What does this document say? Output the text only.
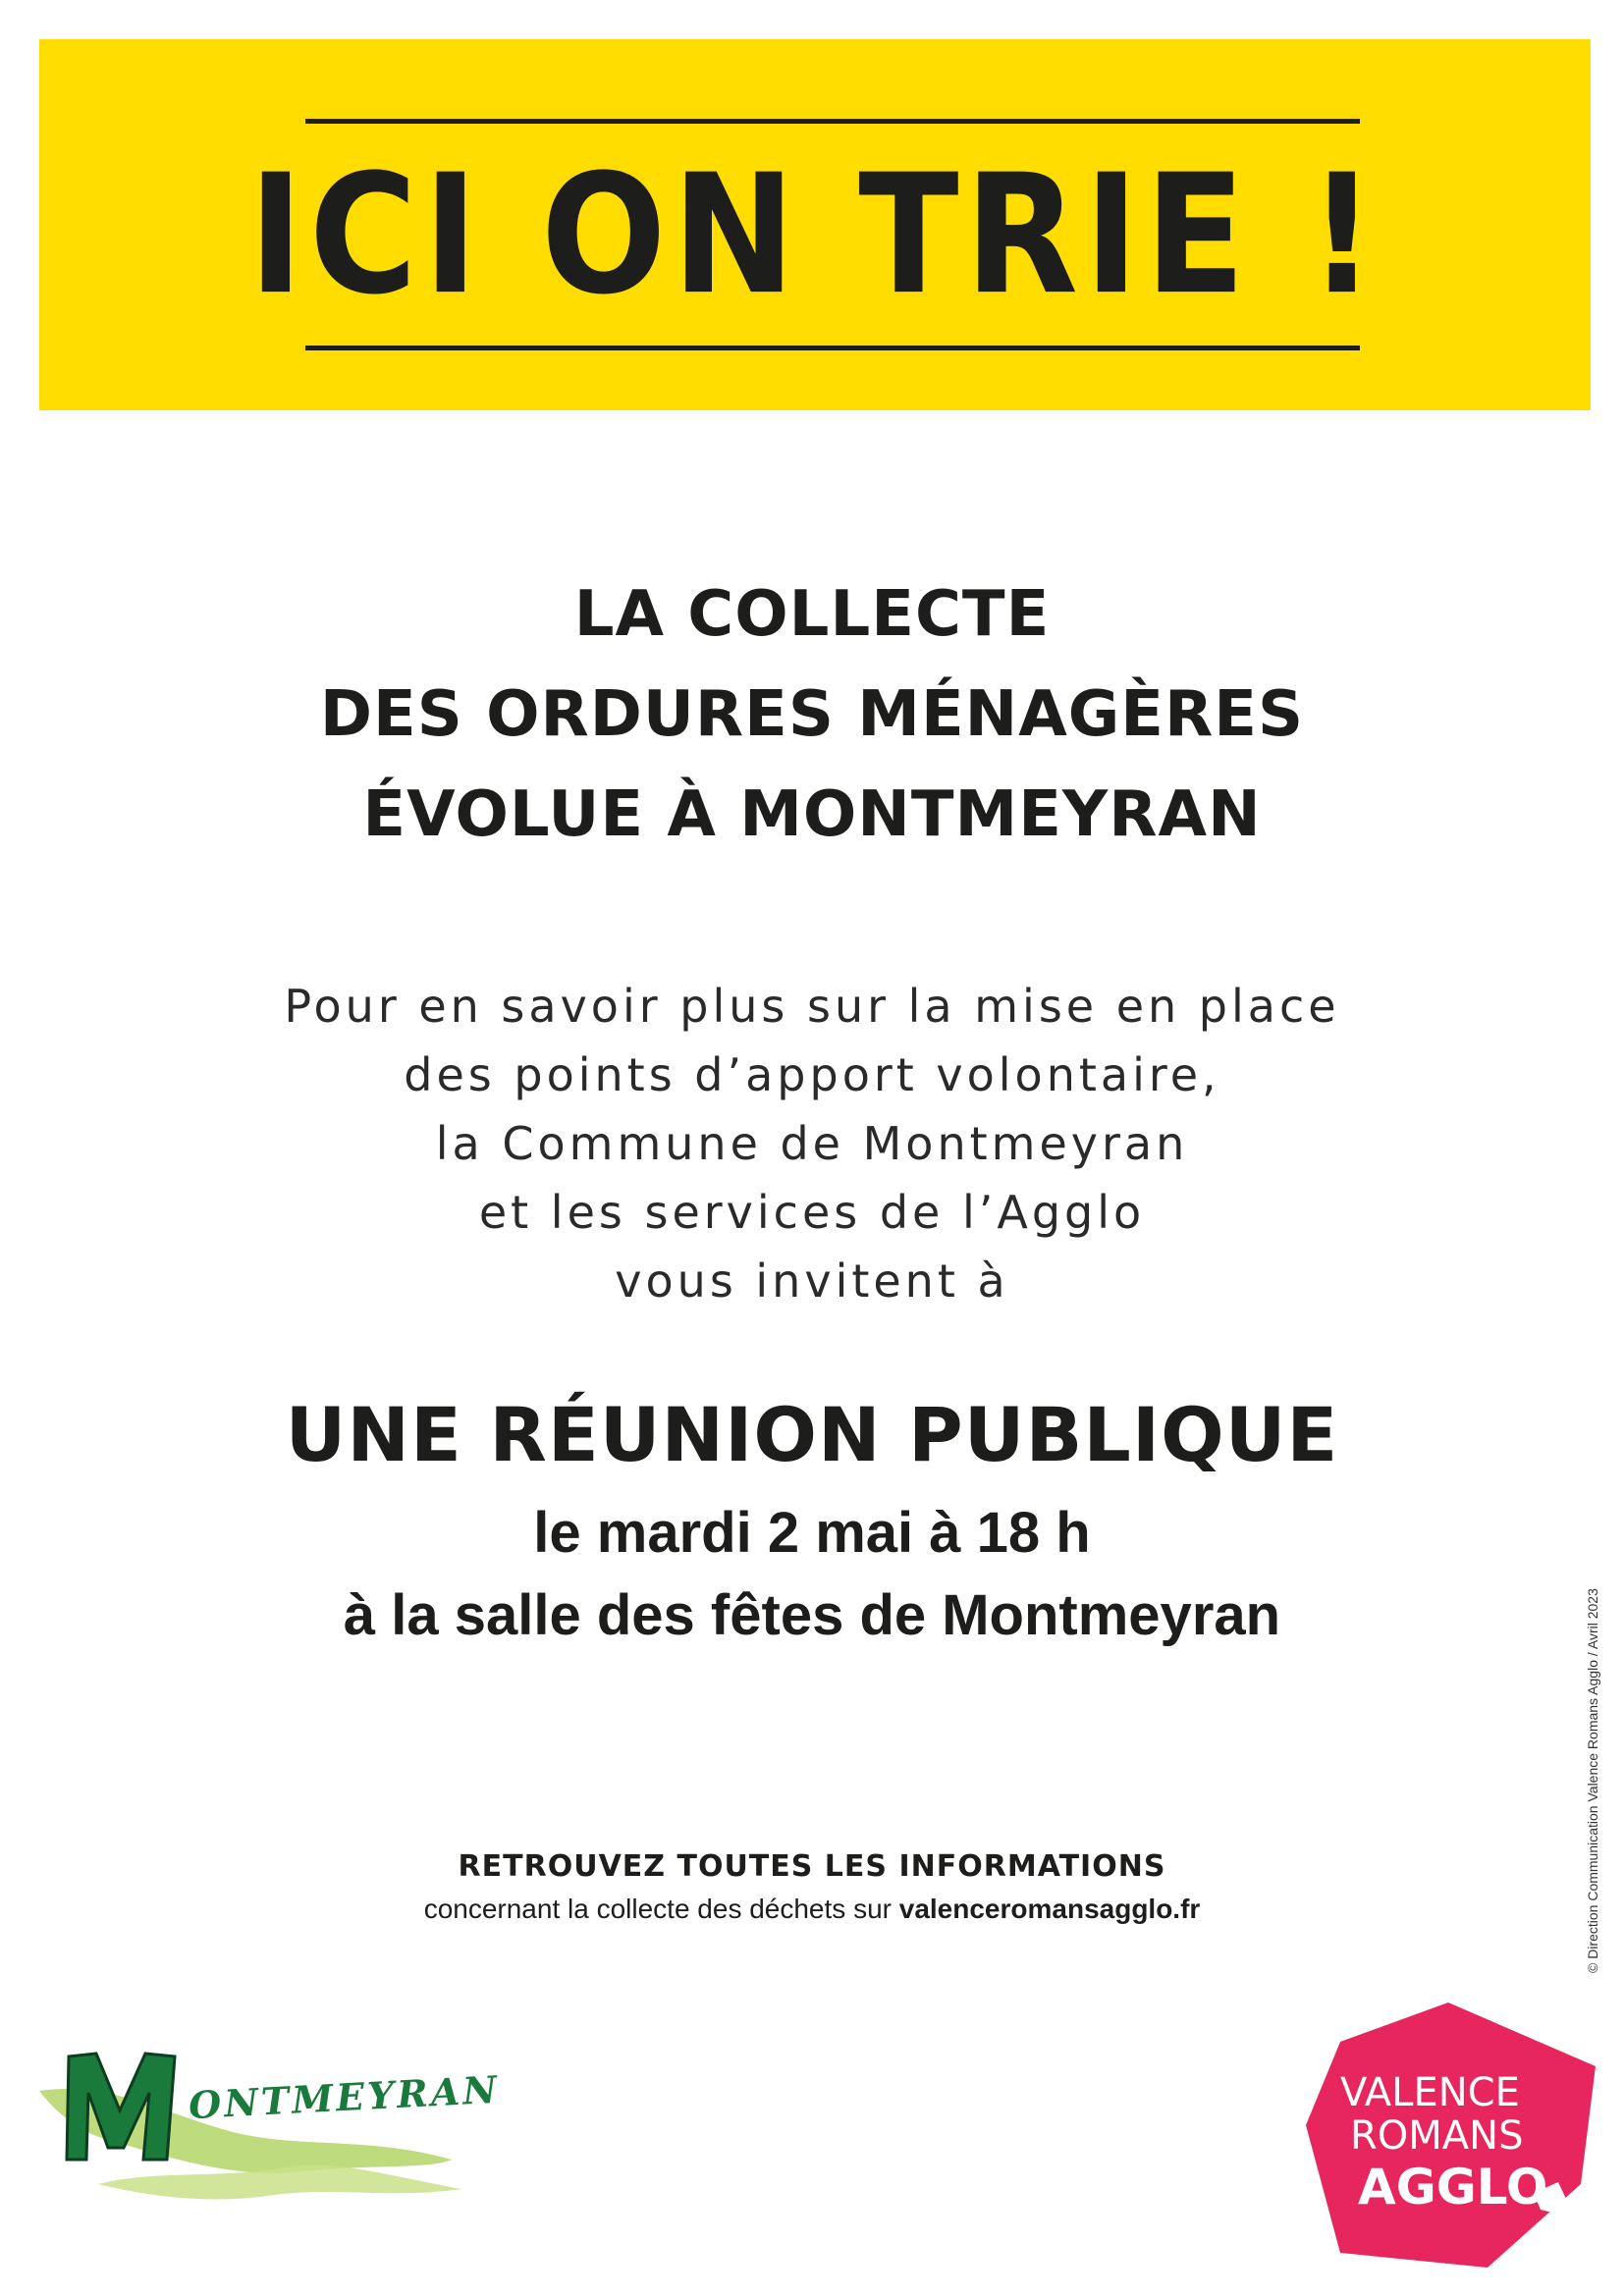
ICI ON TRIE !
LA COLLECTE
DES ORDURES MÉNAGÈRES
ÉVOLUE À MONTMEYRAN
Pour en savoir plus sur la mise en place
des points d’apport volontaire,
la Commune de Montmeyran
et les services de l’Agglo
vous invitent à
UNE RÉUNION PUBLIQUE
le mardi 2 mai à 18 h
à la salle des fêtes de Montmeyran
RETROUVEZ TOUTES LES INFORMATIONS
concernant la collecte des déchets sur valenceromansagglo.fr	© Direction Communication Valence Romans Agglo / Avril 2023
ONTMEYRAN	VALENCE
ROMANS
AGGLO
